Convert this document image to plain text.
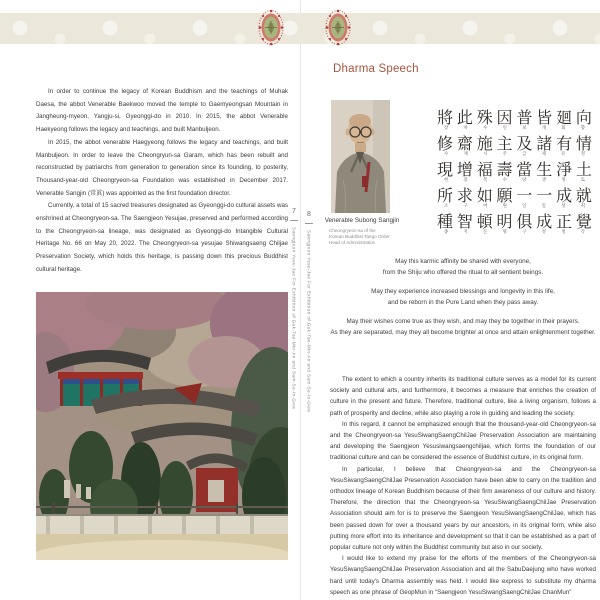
In order to continue the legacy of Korean Buddhism and the teachings of Muhak Daesa, the abbot Venerable Baekwoo moved the temple to Gaemyeongsan Mountain in Jangheung-myeon, Yangju-si, Gyeonggi-do in 2010. In 2015, the abbot Venerable Haekyeong follows the legacy and teachings, and built Manbuljeon.

In 2015, the abbot venerable Haegyeong follows the legacy and teachings, and built Manbuljeon. In order to leave the Cheongryun-sa Garam, which has been rebuilt and reconstructed by patriarchs from generation to generation since its founding, to posterity, Thousand-year-old Cheongryeon-sa Foundation was established in December 2017. Venerable Sangjin (常眞) was appointed as the first foundation director.

Currently, a total of 15 sacred treasures designated as Gyeonggi-do cultural assets was enshrined at Cheongryeon-sa. The Saengjeon Yesujae, preserved and performed according to the Cheongryeon-sa lineage, was designated as Gyeonggi-do Intangible Cultural Heritage No. 66 on May 20, 2022. The Cheongryeon-sa yesujae Shiwangsaeng Chiljae Preservation Society, which holds this heritage, is passing down this precious Buddhist cultural heritage.

7
Saengjeon Yesu-Jae For Exhibition of Guk-Tae-Min-An and Sam-Se-In-Gwa
8
Saengjeon Yesu-Jae For Exhibition of Guk-Tae-Min-An and Sam-Se-In-Gwa
Dharma Speech
Venerable Subong Sangjin
Cheongryeon-sa of the Korean Buddhist Taego Order Head of Administration
將 此 殊 因 普 皆 廻 向
장	차	수	인	보	개	회	향
修 齋 施 主 及 諸 有 情
수	재	시	주	급	제	유	정
現 增 福 壽 當 生 淨 土
현	증	복	수	당	생	정	토
所 求 如 願 一 一 成 就
소	구	여	원	일	일	성	취
種 智 頓 明 俱 成 正 覺
종	지	돈	명	구	성	정	각
May this karmic affinity be shared with everyone,
from the Shiju who offered the ritual to all sentient beings.
May they experience increased blessings and longevity in this life,
and be reborn in the Pure Land when they pass away.
May their wishes come true as they wish, and may they be together in their prayers.
As they are separated, may they all become brighter at once and attain enlightenment together.

The extent to which a country inherits its traditional culture serves as a model for its current society and cultural arts, and furthermore, it becomes a measure that enriches the creation of culture in the present and future. Therefore, traditional culture, like a living organism, follows a path of prosperity and decline, while also playing a role in guiding and leading the society.

In this regard, it cannot be emphasized enough that the thousand-year-old Cheongryeon-sa and the Cheongryeon-sa YesuSiwangSaengChilJae Preservation Association are maintaining and developing the Saengjeon Yesusiwangsaengchiljae, which forms the foundation of our traditional culture and can be considered the essence of Buddhist culture, in its original form.

In particular, I believe that Cheongryeon-sa and the Cheongryeon-sa YesuSiwangSaengChilJae Preservation Association have been able to carry on the tradition and orthodox lineage of Korean Buddhism because of their firm awareness of our culture and history. Therefore, the direction that the Cheongryeon-sa YesuSiwangSaengChilJae Preservation Association should aim for is to preserve the Saengjeon YesuSiwangSaengChilJae, which has been passed down for over a thousand years by our ancestors, in its original form, while also putting more effort into its inheritance and development so that it can be established as a part of popular culture not only within the Buddhist community but also in our society.

I would like to extend my praise for the efforts of the members of the Cheongryeon-sa YesuSiwangSaengChilJae Preservation Association and all the SabuDaejung who have worked hard until today's Dharma assembly was held. I would like express to substitute my dharma speech as one phrase of GeopMun in "Saengjeon YesuSiwangSaengChilJae ChanMun"
